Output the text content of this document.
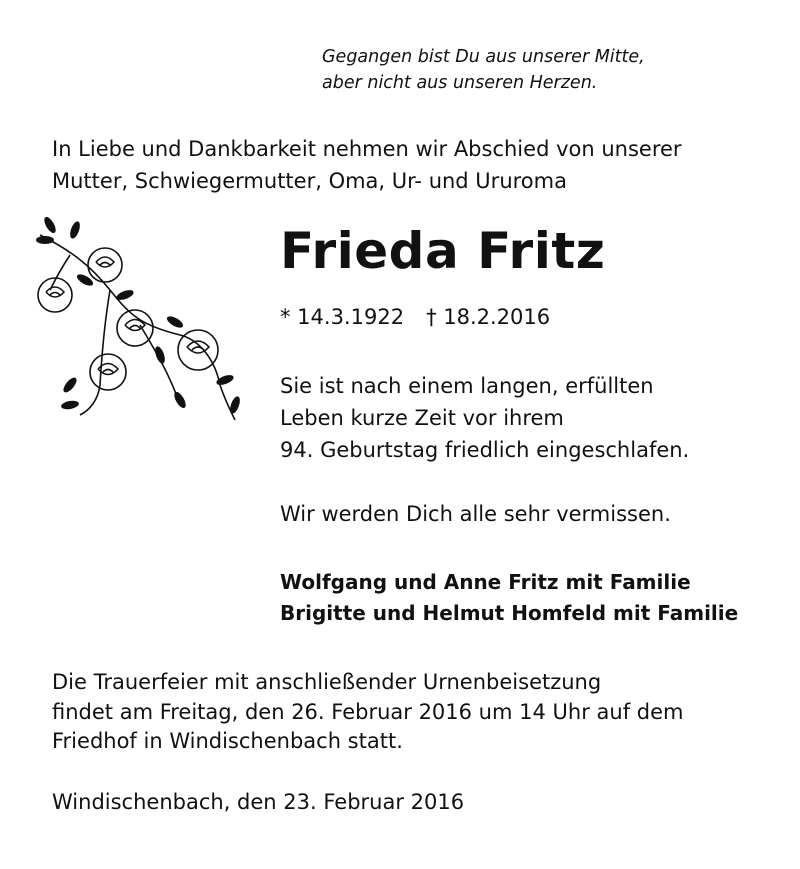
Gegangen bist Du aus unserer Mitte,
aber nicht aus unseren Herzen.
In Liebe und Dankbarkeit nehmen wir Abschied von unserer
Mutter, Schwiegermutter, Oma, Ur- und Ururoma
Frieda Fritz
* 14.3.1922 † 18.2.2016
Sie ist nach einem langen, erfüllten
Leben kurze Zeit vor ihrem
94. Geburtstag friedlich eingeschlafen.
Wir werden Dich alle sehr vermissen.
Wolfgang und Anne Fritz mit Familie
Brigitte und Helmut Homfeld mit Familie
Die Trauerfeier mit anschließender Urnenbeisetzung
findet am Freitag, den 26. Februar 2016 um 14 Uhr auf dem
Friedhof in Windischenbach statt.
Windischenbach, den 23. Februar 2016
